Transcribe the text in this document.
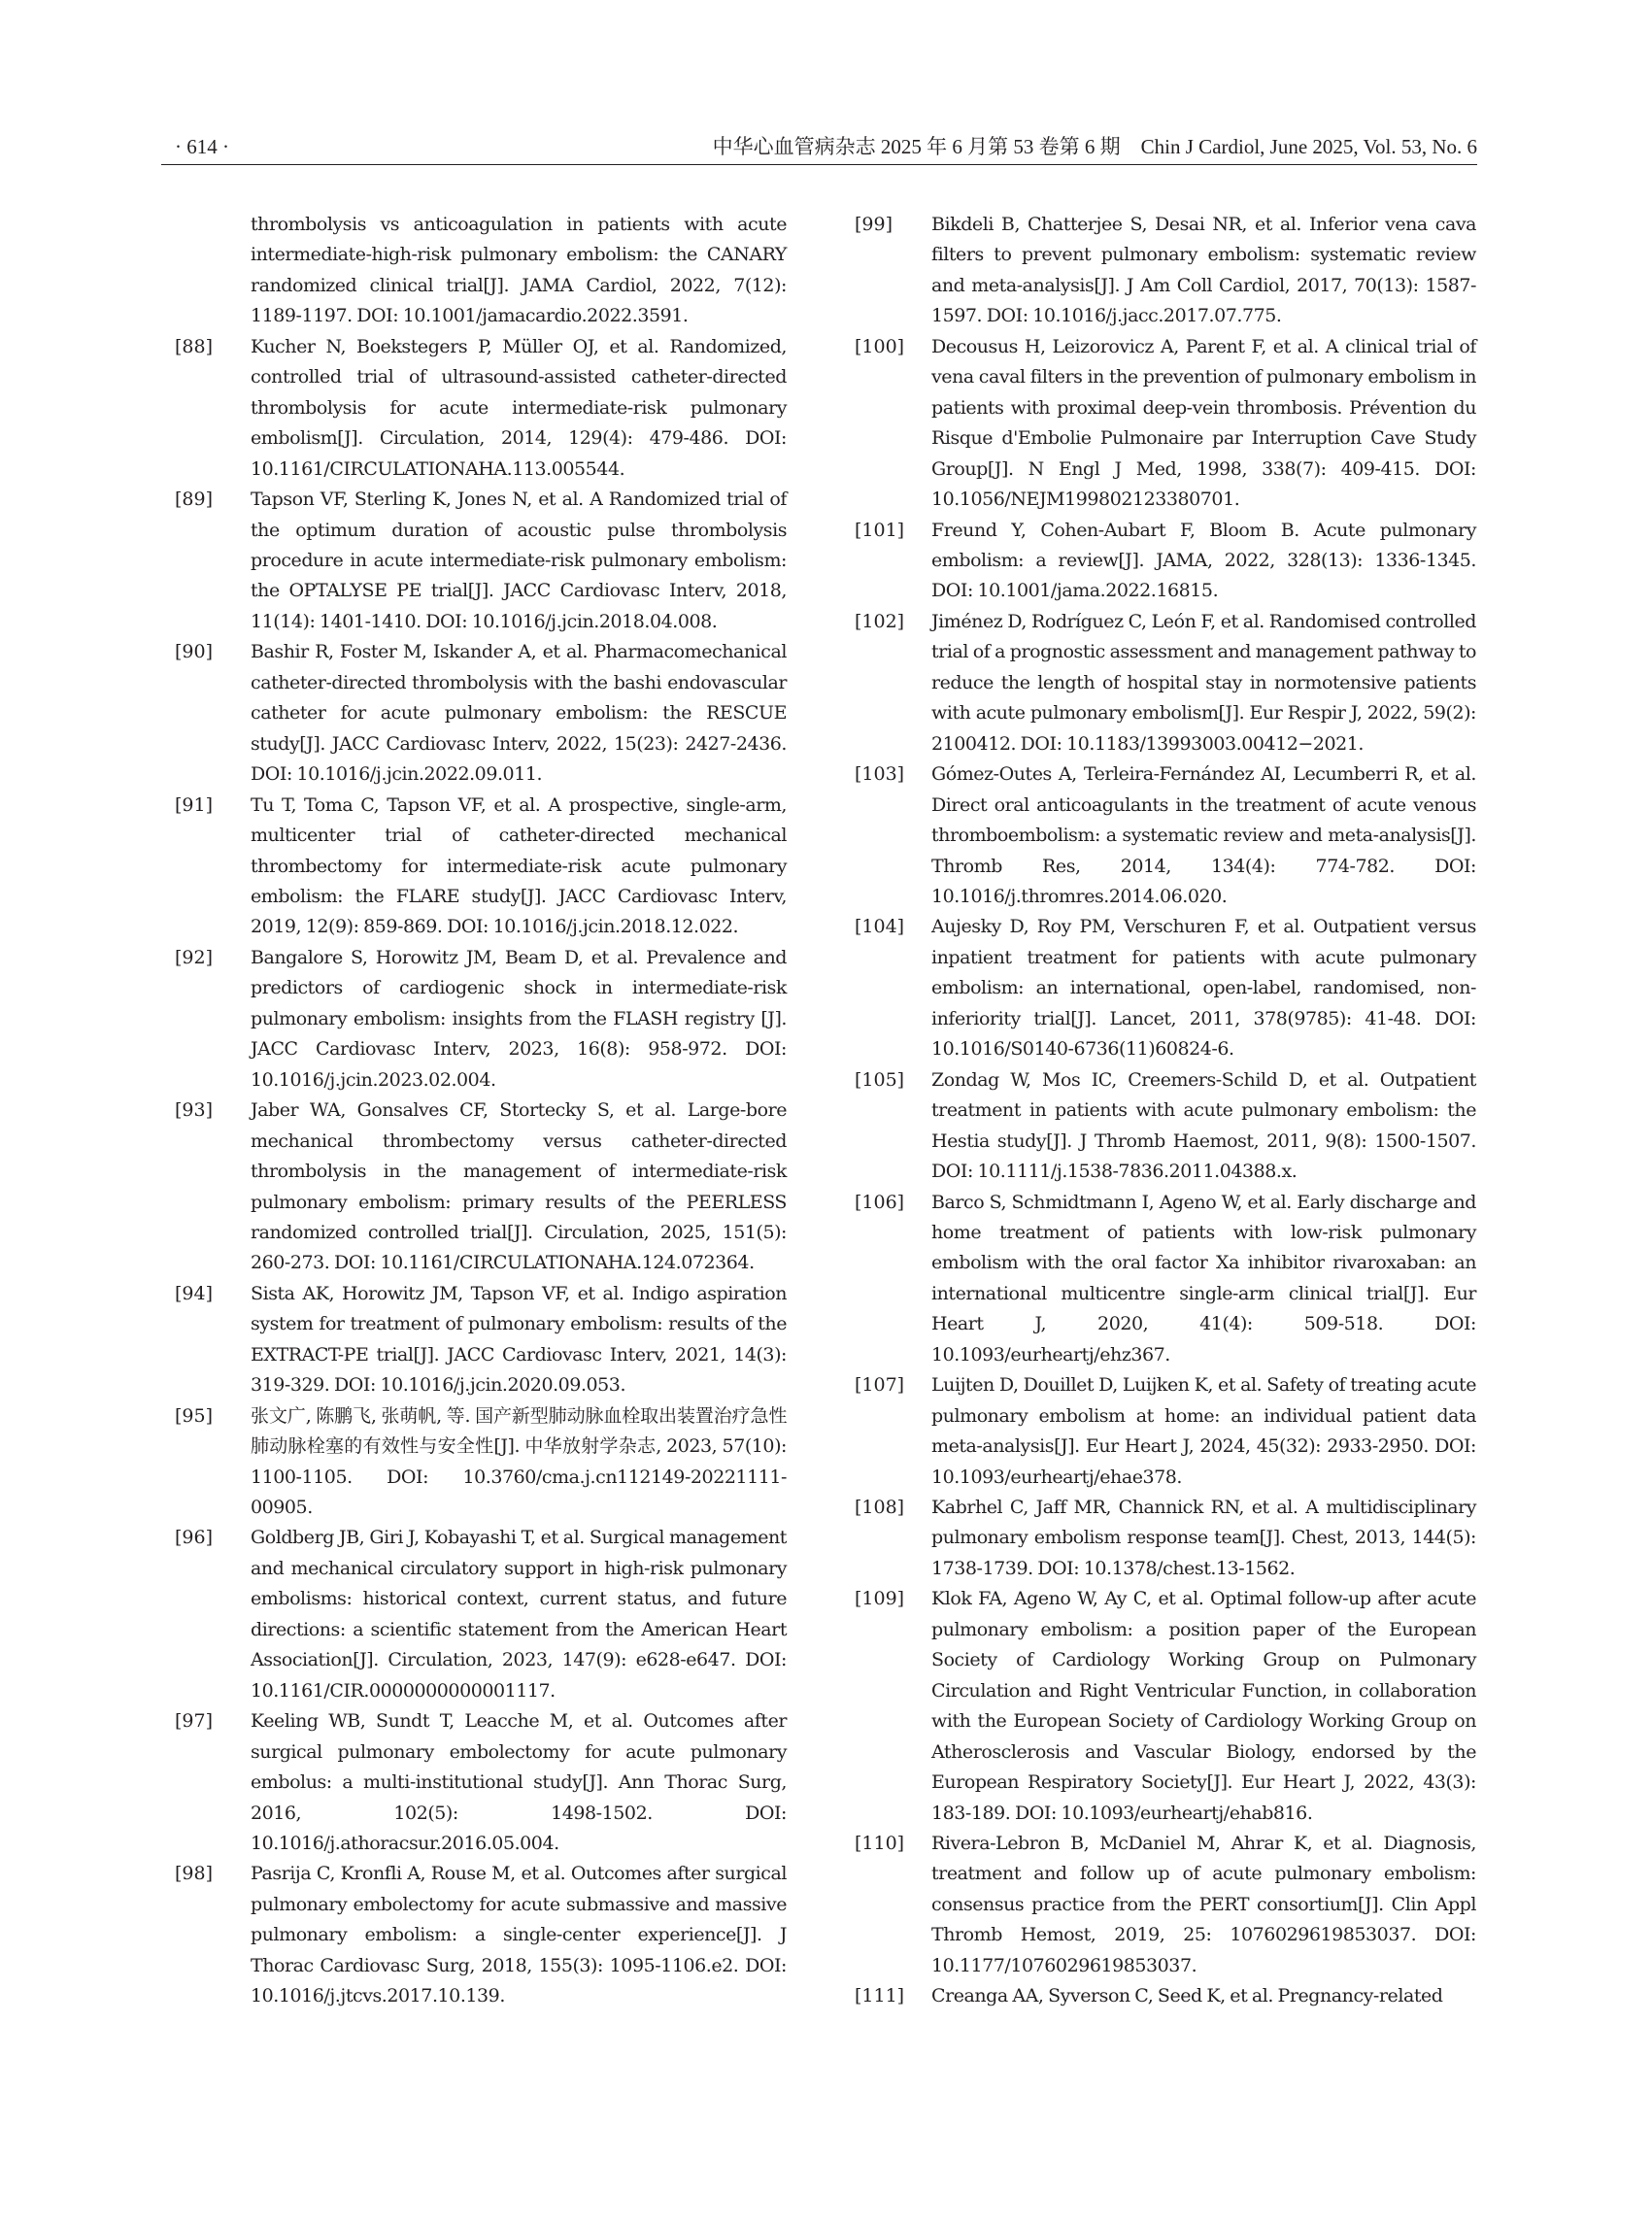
· 614 ·	中华心血管病杂志 2025 年 6 月第 53 卷第 6 期　Chin J Cardiol, June 2025, Vol. 53, No. 6
thrombolysis vs anticoagulation in patients with acute intermediate-high-risk pulmonary embolism: the CANARY randomized clinical trial[J]. JAMA Cardiol, 2022, 7(12): 1189-1197. DOI: 10.1001/jamacardio.2022.3591.
[88] Kucher N, Boekstegers P, Müller OJ, et al. Randomized, controlled trial of ultrasound-assisted catheter-directed thrombolysis for acute intermediate-risk pulmonary embolism[J]. Circulation, 2014, 129(4): 479-486. DOI: 10.1161/CIRCULATIONAHA.113.005544.
[89] Tapson VF, Sterling K, Jones N, et al. A Randomized trial of the optimum duration of acoustic pulse thrombolysis procedure in acute intermediate-risk pulmonary embolism: the OPTALYSE PE trial[J]. JACC Cardiovasc Interv, 2018, 11(14): 1401-1410. DOI: 10.1016/j.jcin.2018.04.008.
[90] Bashir R, Foster M, Iskander A, et al. Pharmacomechanical catheter-directed thrombolysis with the bashi endovascular catheter for acute pulmonary embolism: the RESCUE study[J]. JACC Cardiovasc Interv, 2022, 15(23): 2427-2436. DOI: 10.1016/j.jcin.2022.09.011.
[91] Tu T, Toma C, Tapson VF, et al. A prospective, single-arm, multicenter trial of catheter-directed mechanical thrombectomy for intermediate-risk acute pulmonary embolism: the FLARE study[J]. JACC Cardiovasc Interv, 2019, 12(9): 859-869. DOI: 10.1016/j.jcin.2018.12.022.
[92] Bangalore S, Horowitz JM, Beam D, et al. Prevalence and predictors of cardiogenic shock in intermediate-risk pulmonary embolism: insights from the FLASH registry [J]. JACC Cardiovasc Interv, 2023, 16(8): 958-972. DOI: 10.1016/j.jcin.2023.02.004.
[93] Jaber WA, Gonsalves CF, Stortecky S, et al. Large-bore mechanical thrombectomy versus catheter-directed thrombolysis in the management of intermediate-risk pulmonary embolism: primary results of the PEERLESS randomized controlled trial[J]. Circulation, 2025, 151(5): 260-273. DOI: 10.1161/CIRCULATIONAHA.124.072364.
[94] Sista AK, Horowitz JM, Tapson VF, et al. Indigo aspiration system for treatment of pulmonary embolism: results of the EXTRACT-PE trial[J]. JACC Cardiovasc Interv, 2021, 14(3): 319-329. DOI: 10.1016/j.jcin.2020.09.053.
[95] 张文广, 陈鹏飞, 张萌帆, 等. 国产新型肺动脉血栓取出装置治疗急性肺动脉栓塞的有效性与安全性[J]. 中华放射学杂志, 2023, 57(10): 1100-1105. DOI: 10.3760/cma.j.cn112149-20221111-00905.
[96] Goldberg JB, Giri J, Kobayashi T, et al. Surgical management and mechanical circulatory support in high-risk pulmonary embolisms: historical context, current status, and future directions: a scientific statement from the American Heart Association[J]. Circulation, 2023, 147(9): e628-e647. DOI: 10.1161/CIR.0000000000001117.
[97] Keeling WB, Sundt T, Leacche M, et al. Outcomes after surgical pulmonary embolectomy for acute pulmonary embolus: a multi-institutional study[J]. Ann Thorac Surg, 2016, 102(5): 1498-1502. DOI: 10.1016/j.athoracsur.2016.05.004.
[98] Pasrija C, Kronfli A, Rouse M, et al. Outcomes after surgical pulmonary embolectomy for acute submassive and massive pulmonary embolism: a single-center experience[J]. J Thorac Cardiovasc Surg, 2018, 155(3): 1095-1106.e2. DOI: 10.1016/j.jtcvs.2017.10.139.
[99] Bikdeli B, Chatterjee S, Desai NR, et al. Inferior vena cava filters to prevent pulmonary embolism: systematic review and meta-analysis[J]. J Am Coll Cardiol, 2017, 70(13): 1587-1597. DOI: 10.1016/j.jacc.2017.07.775.
[100] Decousus H, Leizorovicz A, Parent F, et al. A clinical trial of vena caval filters in the prevention of pulmonary embolism in patients with proximal deep-vein thrombosis. Prévention du Risque d'Embolie Pulmonaire par Interruption Cave Study Group[J]. N Engl J Med, 1998, 338(7): 409-415. DOI: 10.1056/NEJM199802123380701.
[101] Freund Y, Cohen-Aubart F, Bloom B. Acute pulmonary embolism: a review[J]. JAMA, 2022, 328(13): 1336-1345. DOI: 10.1001/jama.2022.16815.
[102] Jiménez D, Rodríguez C, León F, et al. Randomised controlled trial of a prognostic assessment and management pathway to reduce the length of hospital stay in normotensive patients with acute pulmonary embolism[J]. Eur Respir J, 2022, 59(2): 2100412. DOI: 10.1183/13993003.00412−2021.
[103] Gómez-Outes A, Terleira-Fernández AI, Lecumberri R, et al. Direct oral anticoagulants in the treatment of acute venous thromboembolism: a systematic review and meta-analysis[J]. Thromb Res, 2014, 134(4): 774-782. DOI: 10.1016/j.thromres.2014.06.020.
[104] Aujesky D, Roy PM, Verschuren F, et al. Outpatient versus inpatient treatment for patients with acute pulmonary embolism: an international, open-label, randomised, non-inferiority trial[J]. Lancet, 2011, 378(9785): 41-48. DOI: 10.1016/S0140-6736(11)60824-6.
[105] Zondag W, Mos IC, Creemers-Schild D, et al. Outpatient treatment in patients with acute pulmonary embolism: the Hestia study[J]. J Thromb Haemost, 2011, 9(8): 1500-1507. DOI: 10.1111/j.1538-7836.2011.04388.x.
[106] Barco S, Schmidtmann I, Ageno W, et al. Early discharge and home treatment of patients with low-risk pulmonary embolism with the oral factor Xa inhibitor rivaroxaban: an international multicentre single-arm clinical trial[J]. Eur Heart J, 2020, 41(4): 509-518. DOI: 10.1093/eurheartj/ehz367.
[107] Luijten D, Douillet D, Luijken K, et al. Safety of treating acute pulmonary embolism at home: an individual patient data meta-analysis[J]. Eur Heart J, 2024, 45(32): 2933-2950. DOI: 10.1093/eurheartj/ehae378.
[108] Kabrhel C, Jaff MR, Channick RN, et al. A multidisciplinary pulmonary embolism response team[J]. Chest, 2013, 144(5): 1738-1739. DOI: 10.1378/chest.13-1562.
[109] Klok FA, Ageno W, Ay C, et al. Optimal follow-up after acute pulmonary embolism: a position paper of the European Society of Cardiology Working Group on Pulmonary Circulation and Right Ventricular Function, in collaboration with the European Society of Cardiology Working Group on Atherosclerosis and Vascular Biology, endorsed by the European Respiratory Society[J]. Eur Heart J, 2022, 43(3): 183-189. DOI: 10.1093/eurheartj/ehab816.
[110] Rivera-Lebron B, McDaniel M, Ahrar K, et al. Diagnosis, treatment and follow up of acute pulmonary embolism: consensus practice from the PERT consortium[J]. Clin Appl Thromb Hemost, 2019, 25: 1076029619853037. DOI: 10.1177/1076029619853037.
[111] Creanga AA, Syverson C, Seed K, et al. Pregnancy-related
